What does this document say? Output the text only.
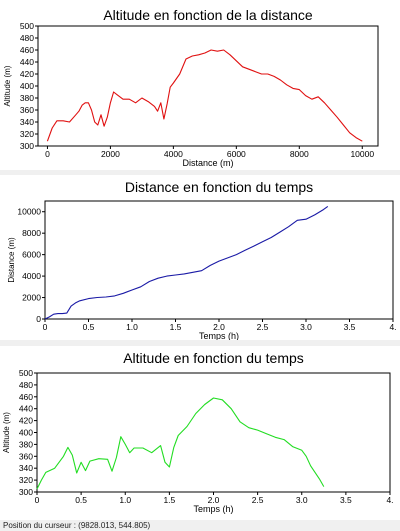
Altitude en fonction de la distance
0	2000	4000	6000	8000	10000
300
320
340
360
380
400
420
440
460
480
500
Distance (m)
Altitude (m)
Distance en fonction du temps
0	0.5	1.0	1.5	2.0	2.5	3.0	3.5	4.
0
2000
4000
6000
8000
10000
Temps (h)
Distance (m)
Altitude en fonction du temps
0	0.5	1.0	1.5	2.0	2.5	3.0	3.5	4.
300
320
340
360
380
400
420
440
460
480
500
Temps (h)
Altitude (m)
Position du curseur : (9828.013, 544.805)
